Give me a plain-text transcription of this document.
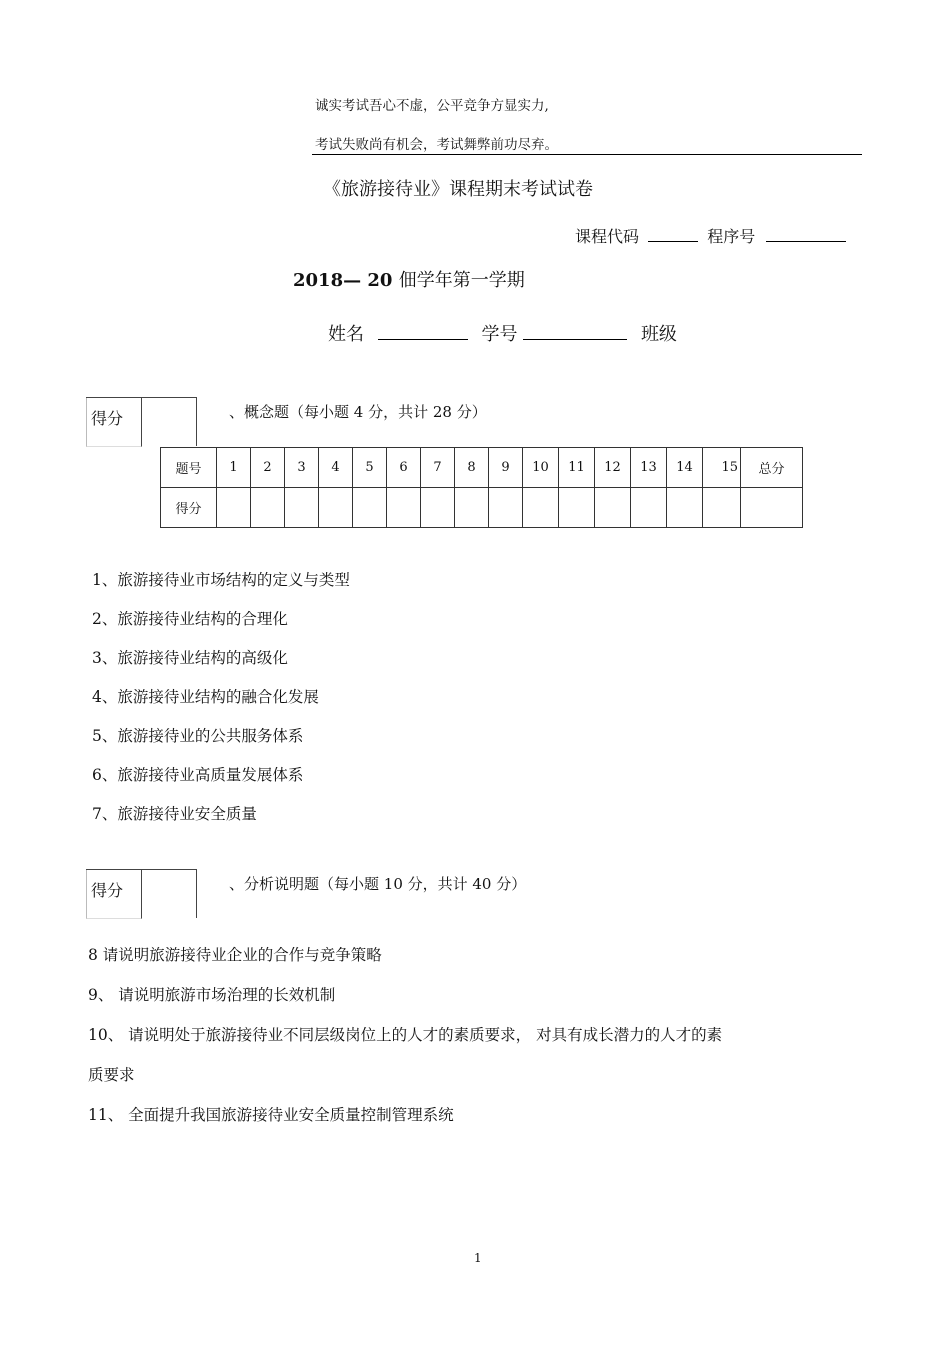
诚实考试吾心不虚，公平竞争方显实力,
考试失败尚有机会，考试舞弊前功尽弃。
《旅游接待业》课程期末考试试卷
课程代码	程序号
2018— 20 佃学年第一学期
姓名	学号	班级
得分	、概念题（每小题 4 分，共计 28 分）
题号	1	2	3	4	5	6	7	8	9	10	11	12	13	14	15	总分
得分																
1、旅游接待业市场结构的定义与类型
2、旅游接待业结构的合理化
3、旅游接待业结构的高级化
4、旅游接待业结构的融合化发展
5、旅游接待业的公共服务体系
6、旅游接待业高质量发展体系
7、旅游接待业安全质量
得分	、分析说明题（每小题 10 分，共计 40 分）
8 请说明旅游接待业企业的合作与竞争策略
9、 请说明旅游市场治理的长效机制
10、 请说明处于旅游接待业不同层级岗位上的人才的素质要求， 对具有成长潜力的人才的素
质要求
11、 全面提升我国旅游接待业安全质量控制管理系统
1
